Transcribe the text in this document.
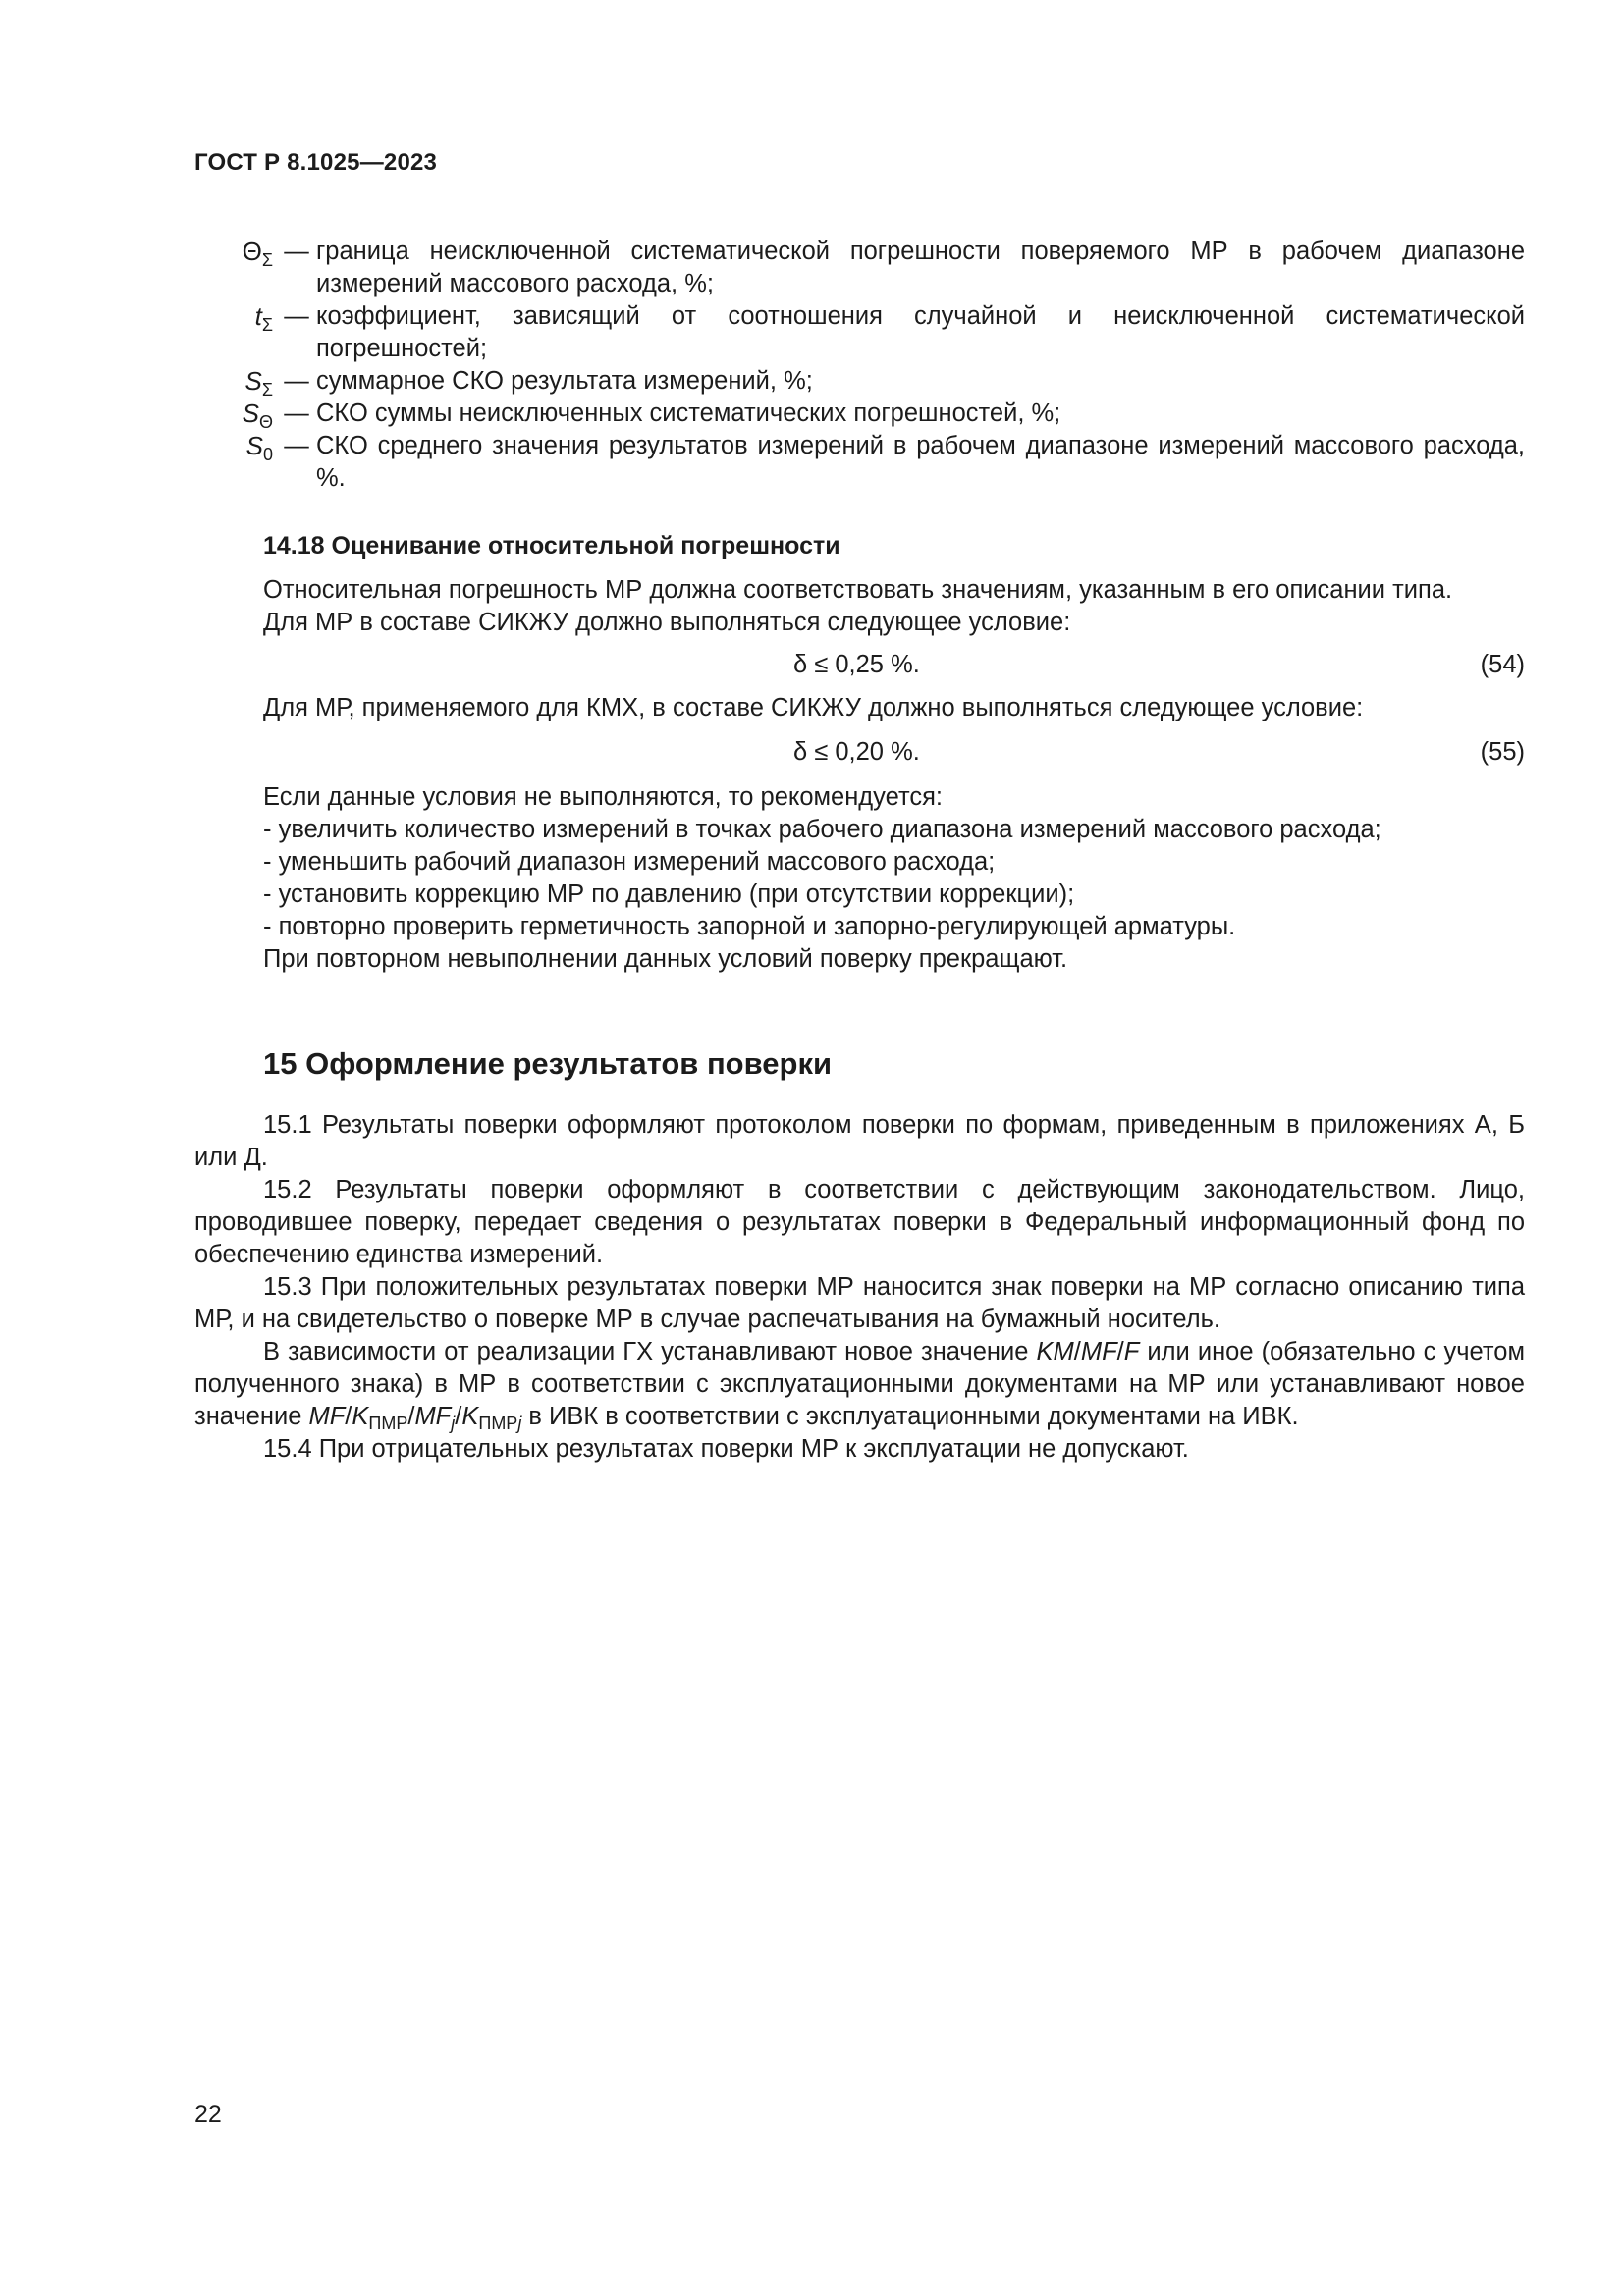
ГОСТ Р 8.1025—2023
$\Theta_\Sigma$ — граница неисключенной систематической погрешности поверяемого МР в рабочем диапазоне измерений массового расхода, %;
$t_\Sigma$ — коэффициент, зависящий от соотношения случайной и неисключенной систематической погрешностей;
$S_\Sigma$ — суммарное СКО результата измерений, %;
$S_\Theta$ — СКО суммы неисключенных систематических погрешностей, %;
$S_0$ — СКО среднего значения результатов измерений в рабочем диапазоне измерений массового расхода, %.
14.18 Оценивание относительной погрешности

Относительная погрешность МР должна соответствовать значениям, указанным в его описании типа.

Для МР в составе СИКЖУ должно выполняться следующее условие:

δ ≤ 0,25 %.	(54)

Для МР, применяемого для КМХ, в составе СИКЖУ должно выполняться следующее условие:

δ ≤ 0,20 %.	(55)

Если данные условия не выполняются, то рекомендуется:

- увеличить количество измерений в точках рабочего диапазона измерений массового расхода;

- уменьшить рабочий диапазон измерений массового расхода;

- установить коррекцию МР по давлению (при отсутствии коррекции);

- повторно проверить герметичность запорной и запорно-регулирующей арматуры.

При повторном невыполнении данных условий поверку прекращают.

15 Оформление результатов поверки

15.1 Результаты поверки оформляют протоколом поверки по формам, приведенным в приложениях А, Б или Д.

15.2 Результаты поверки оформляют в соответствии с действующим законодательством. Лицо, проводившее поверку, передает сведения о результатах поверки в Федеральный информационный фонд по обеспечению единства измерений.

15.3 При положительных результатах поверки МР наносится знак поверки на МР согласно описанию типа МР, и на свидетельство о поверке МР в случае распечатывания на бумажный носитель.

В зависимости от реализации ГХ устанавливают новое значение KM/MF/F или иное (обязательно с учетом полученного знака) в МР в соответствии с эксплуатационными документами на МР или устанавливают новое значение $MF/K_{ПМР}/MF_j/K_{ПМРj}$ в ИВК в соответствии с эксплуатационными документами на ИВК.

15.4 При отрицательных результатах поверки МР к эксплуатации не допускают.

22
